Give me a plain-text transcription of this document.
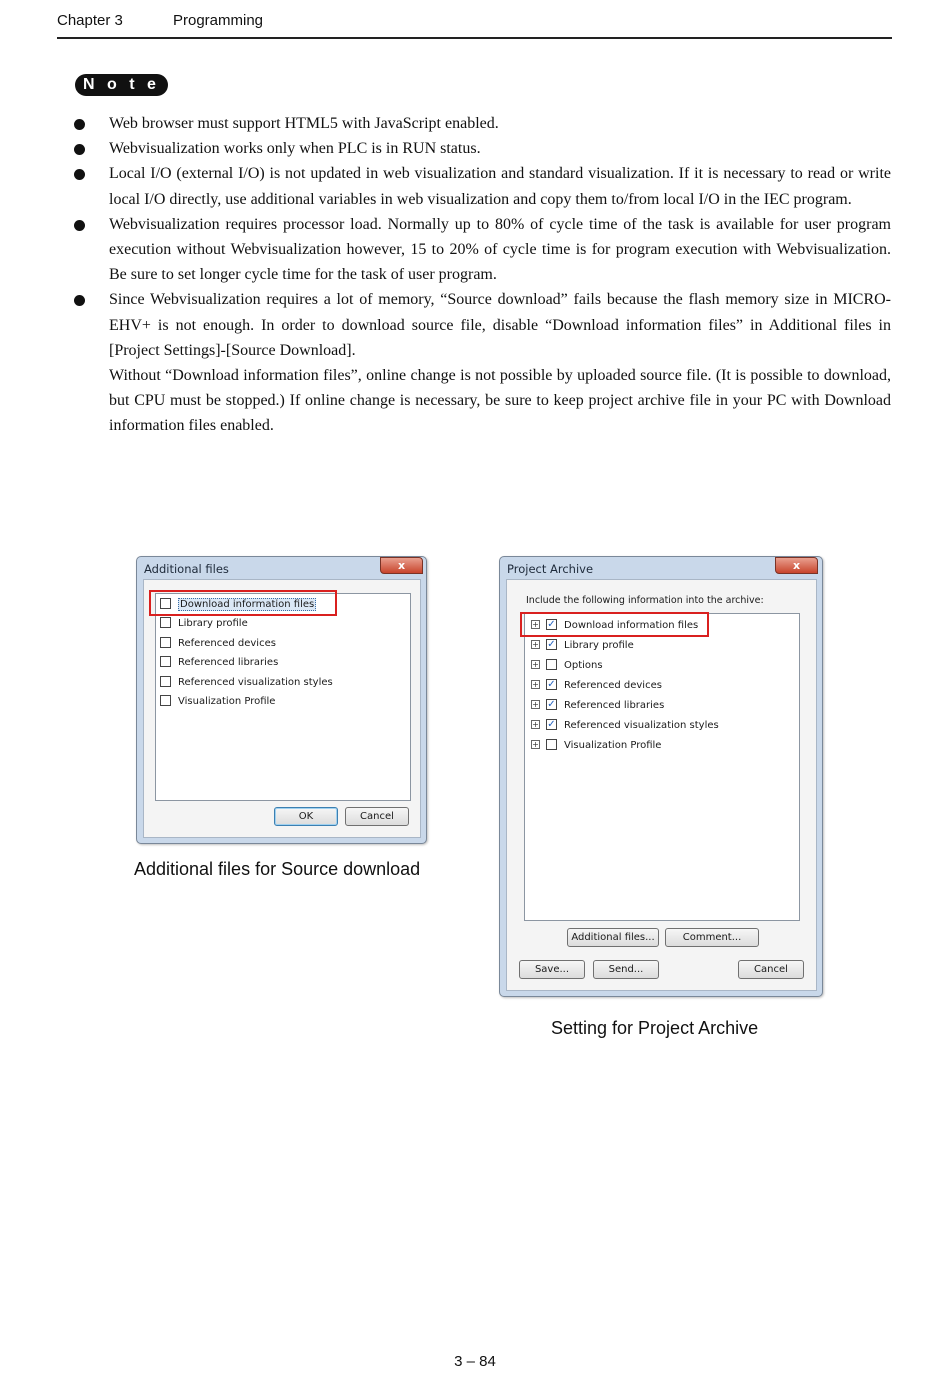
Chapter 3	Programming
N o t e
Web browser must support HTML5 with JavaScript enabled.
Webvisualization works only when PLC is in RUN status.
Local I/O (external I/O) is not updated in web visualization and standard visualization. If it is necessary to read or write local I/O directly, use additional variables in web visualization and copy them to/from local I/O in the IEC program.
Webvisualization requires processor load. Normally up to 80% of cycle time of the task is available for user program execution without Webvisualization however, 15 to 20% of cycle time is for program execution with Webvisualization. Be sure to set longer cycle time for the task of user program.
Since Webvisualization requires a lot of memory, “Source download” fails because the flash memory size in MICRO-EHV+ is not enough. In order to download source file, disable “Download information files” in Additional files in [Project Settings]-[Source Download].
Without “Download information files”, online change is not possible by uploaded source file. (It is possible to download, but CPU must be stopped.) If online change is necessary, be sure to keep project archive file in your PC with Download information files enabled.
Additional files	x
Download information files
Library profile
Referenced devices
Referenced libraries
Referenced visualization styles
Visualization Profile
OK	Cancel
Additional files for Source download
Project Archive	x
Include the following information into the archive:
+ ✓ Download information files
+ ✓ Library profile
+	Options
+ ✓ Referenced devices
+ ✓ Referenced libraries
+ ✓ Referenced visualization styles
+	Visualization Profile
Additional files...	Comment...
Save...	Send...	Cancel
Setting for Project Archive
3 – 84
